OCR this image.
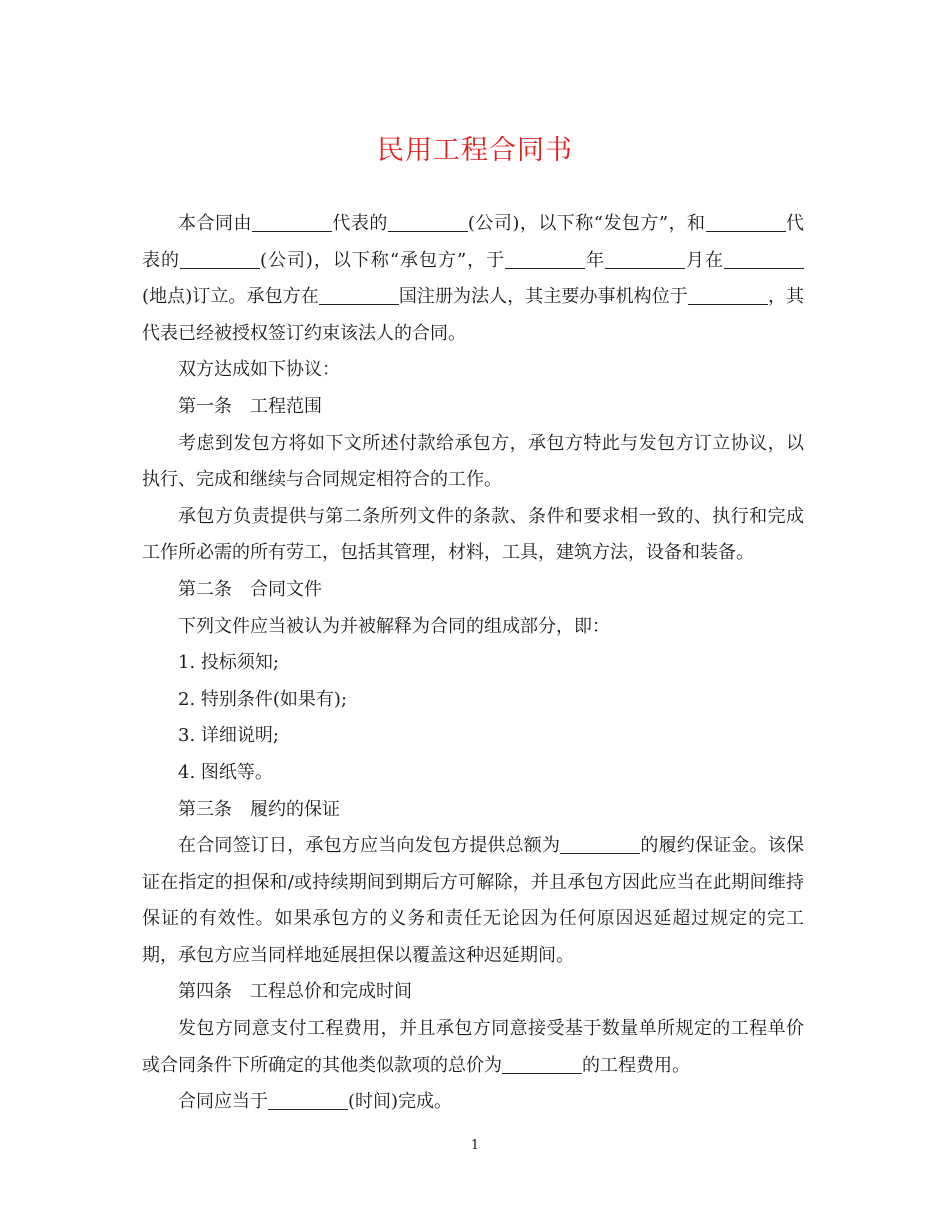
民用工程合同书

本合同由	代表的	(公司)，以下称“发包方”，和	代表的	(公司)，以下称“承包方”，于	年	月在(地点)订立。承包方在	国注册为法人，其主要办事机构位于	，其代表已经被授权签订约束该法人的合同。

双方达成如下协议：

第一条　工程范围

考虑到发包方将如下文所述付款给承包方，承包方特此与发包方订立协议，以执行、完成和继续与合同规定相符合的工作。

承包方负责提供与第二条所列文件的条款、条件和要求相一致的、执行和完成工作所必需的所有劳工，包括其管理，材料，工具，建筑方法，设备和装备。

第二条　合同文件

下列文件应当被认为并被解释为合同的组成部分，即：

1. 投标须知;

2. 特别条件(如果有);

3. 详细说明;

4. 图纸等。

第三条　履约的保证

在合同签订日，承包方应当向发包方提供总额为	的履约保证金。该保证在指定的担保和/或持续期间到期后方可解除，并且承包方因此应当在此期间维持保证的有效性。如果承包方的义务和责任无论因为任何原因迟延超过规定的完工期，承包方应当同样地延展担保以覆盖这种迟延期间。

第四条　工程总价和完成时间

发包方同意支付工程费用，并且承包方同意接受基于数量单所规定的工程单价或合同条件下所确定的其他类似款项的总价为	的工程费用。

合同应当于	(时间)完成。

1
